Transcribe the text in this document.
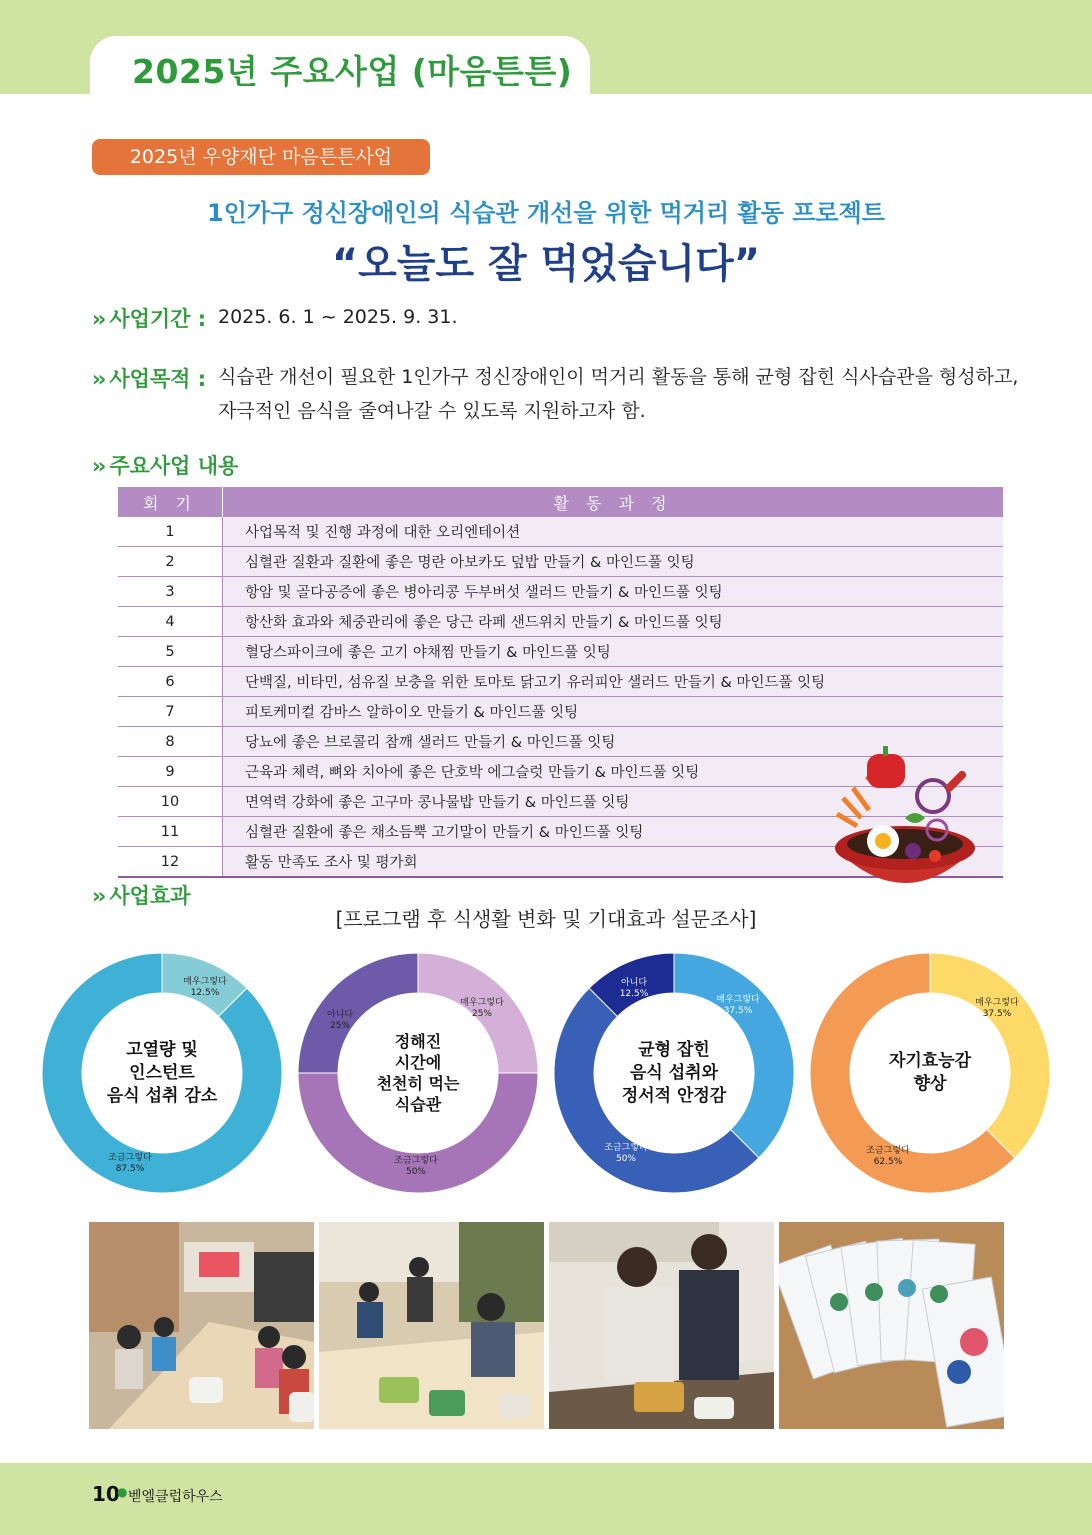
2025년 주요사업 (마음튼튼)
2025년 우양재단 마음튼튼사업
1인가구 정신장애인의 식습관 개선을 위한 먹거리 활동 프로젝트
“오늘도 잘 먹었습니다”
›› 사업기간 : 2025. 6. 1 ~ 2025. 9. 31.
›› 사업목적 : 식습관 개선이 필요한 1인가구 정신장애인이 먹거리 활동을 통해 균형 잡힌 식사습관을 형성하고,
자극적인 음식을 줄여나갈 수 있도록 지원하고자 함.
›› 주요사업 내용
회 기	활 동 과 정
1	사업목적 및 진행 과정에 대한 오리엔테이션
2	심혈관 질환과 질환에 좋은 명란 아보카도 덮밥 만들기 & 마인드풀 잇팅
3	항암 및 골다공증에 좋은 병아리콩 두부버섯 샐러드 만들기 & 마인드풀 잇팅
4	항산화 효과와 체중관리에 좋은 당근 라페 샌드위치 만들기 & 마인드풀 잇팅
5	혈당스파이크에 좋은 고기 야채찜 만들기 & 마인드풀 잇팅
6	단백질, 비타민, 섬유질 보충을 위한 토마토 닭고기 유러피안 샐러드 만들기 & 마인드풀 잇팅
7	피토케미컬 감바스 알하이오 만들기 & 마인드풀 잇팅
8	당뇨에 좋은 브로콜리 참깨 샐러드 만들기 & 마인드풀 잇팅
9	근육과 체력, 뼈와 치아에 좋은 단호박 에그슬럿 만들기 & 마인드풀 잇팅
10	면역력 강화에 좋은 고구마 콩나물밥 만들기 & 마인드풀 잇팅
11	심혈관 질환에 좋은 채소듬뿍 고기말이 만들기 & 마인드풀 잇팅
12	활동 만족도 조사 및 평가회
›› 사업효과
[프로그램 후 식생활 변화 및 기대효과 설문조사]
고열량 및
인스턴트
음식 섭취 감소
매우그렇다
12.5%
조금그렇다
87.5%
정해진
시간에
천천히 먹는
식습관
매우그렇다
25%
조금그렇다
50%
아니다
25%
균형 잡힌
음식 섭취와
정서적 안정감
매우그렇다
37.5%
조금그렇다
50%
아니다
12.5%
자기효능감
향상
매우그렇다
37.5%
조금그렇다
62.5%
10
● 벧엘클럽하우스
